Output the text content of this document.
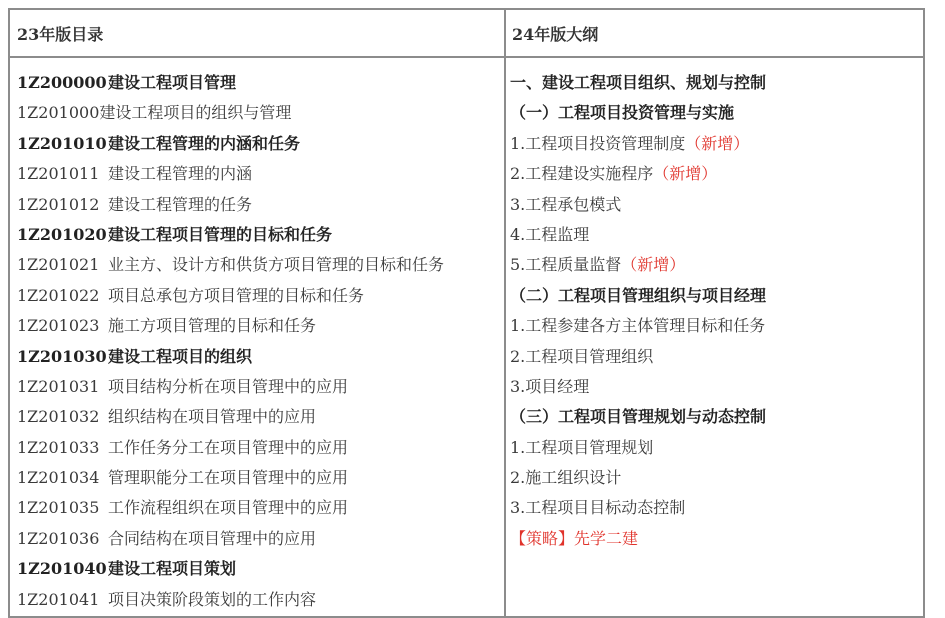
23年版目录	24年版大纲
1Z200000建设工程项目管理
1Z201000建设工程项目的组织与管理
1Z201010建设工程管理的内涵和任务
1Z201011 建设工程管理的内涵
1Z201012 建设工程管理的任务
1Z201020建设工程项目管理的目标和任务
1Z201021 业主方、设计方和供货方项目管理的目标和任务
1Z201022 项目总承包方项目管理的目标和任务
1Z201023 施工方项目管理的目标和任务
1Z201030建设工程项目的组织
1Z201031 项目结构分析在项目管理中的应用
1Z201032 组织结构在项目管理中的应用
1Z201033 工作任务分工在项目管理中的应用
1Z201034 管理职能分工在项目管理中的应用
1Z201035 工作流程组织在项目管理中的应用
1Z201036 合同结构在项目管理中的应用
1Z201040建设工程项目策划
1Z201041 项目决策阶段策划的工作内容
一、建设工程项目组织、规划与控制
（一）工程项目投资管理与实施
1.工程项目投资管理制度（新增）
2.工程建设实施程序（新增）
3.工程承包模式
4.工程监理
5.工程质量监督（新增）
（二）工程项目管理组织与项目经理
1.工程参建各方主体管理目标和任务
2.工程项目管理组织
3.项目经理
（三）工程项目管理规划与动态控制
1.工程项目管理规划
2.施工组织设计
3.工程项目目标动态控制
【策略】先学二建
